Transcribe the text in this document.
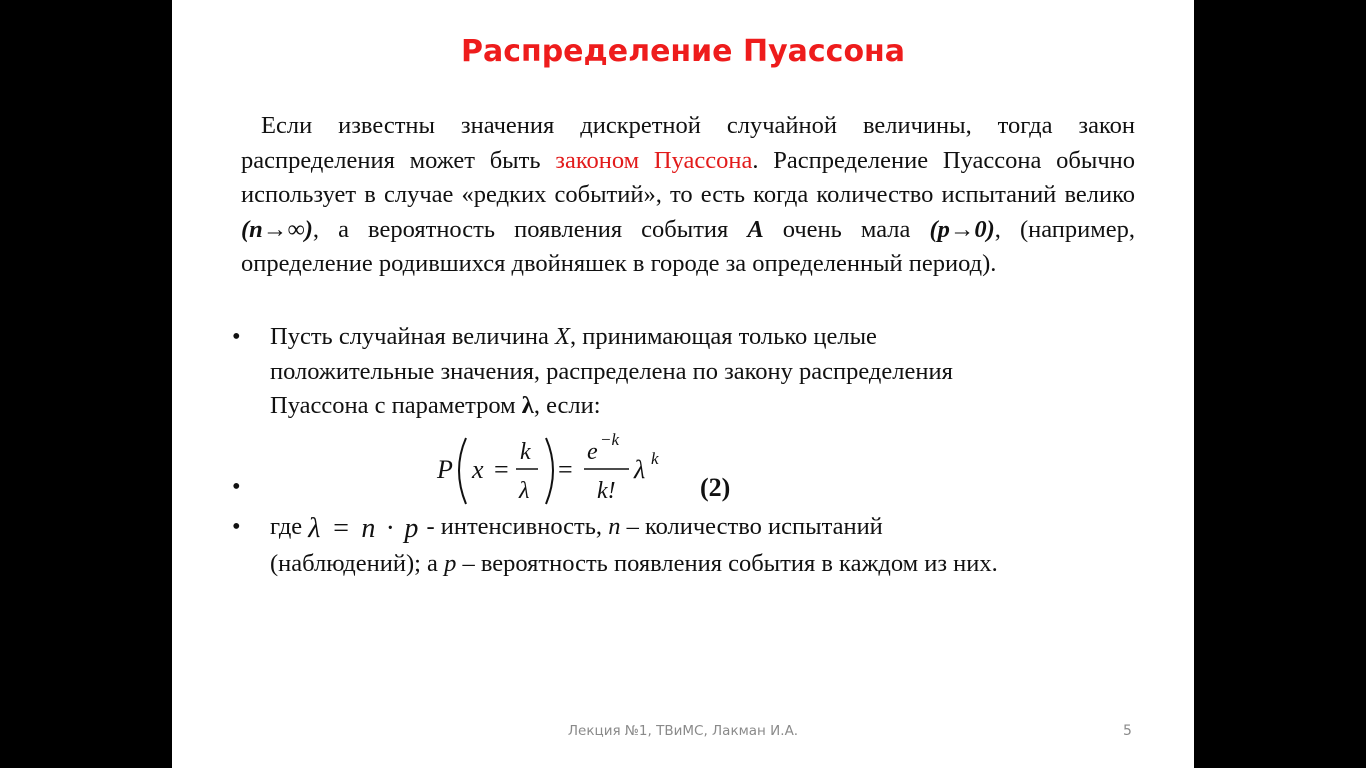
Распределение Пуассона
Если известны значения дискретной случайной величины, тогда закон распределения может быть законом Пуассона. Распределение Пуассона обычно использует в случае «редких событий», то есть когда количество испытаний велико (n→∞), а вероятность появления события A очень мала (p→0), (например, определение родившихся двойняшек в городе за определенный период).
• Пусть случайная величина X, принимающая только целые
положительные значения, распределена по закону распределения
Пуассона с параметром λ, если:
•
P x =
k
λ
=
e −k
k!
λ k
(2)
• где λ = n · p - интенсивность, n – количество испытаний
(наблюдений); а p – вероятность появления события в каждом из них.
Лекция №1, ТВиМС, Лакман И.А.	5
